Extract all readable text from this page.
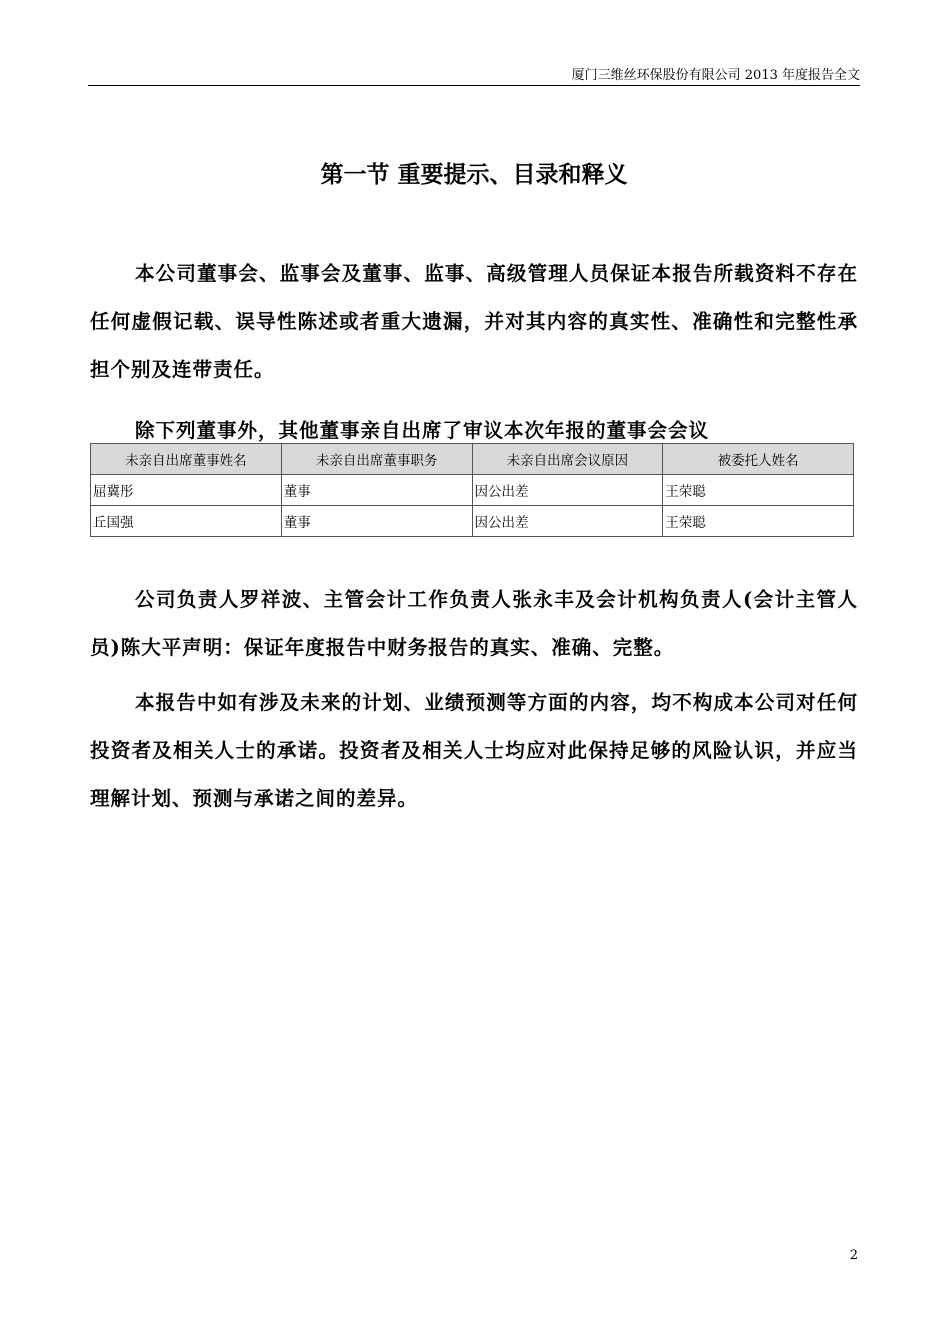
厦门三维丝环保股份有限公司 2013 年度报告全文
第一节 重要提示、目录和释义

本公司董事会、监事会及董事、监事、高级管理人员保证本报告所载资料不存在任何虚假记载、误导性陈述或者重大遗漏，并对其内容的真实性、准确性和完整性承担个别及连带责任。

除下列董事外，其他董事亲自出席了审议本次年报的董事会会议

未亲自出席董事姓名	未亲自出席董事职务	未亲自出席会议原因	被委托人姓名
屈冀彤	董事	因公出差	王荣聪
丘国强	董事	因公出差	王荣聪

公司负责人罗祥波、主管会计工作负责人张永丰及会计机构负责人(会计主管人员)陈大平声明：保证年度报告中财务报告的真实、准确、完整。

本报告中如有涉及未来的计划、业绩预测等方面的内容，均不构成本公司对任何投资者及相关人士的承诺。投资者及相关人士均应对此保持足够的风险认识，并应当理解计划、预测与承诺之间的差异。

2
